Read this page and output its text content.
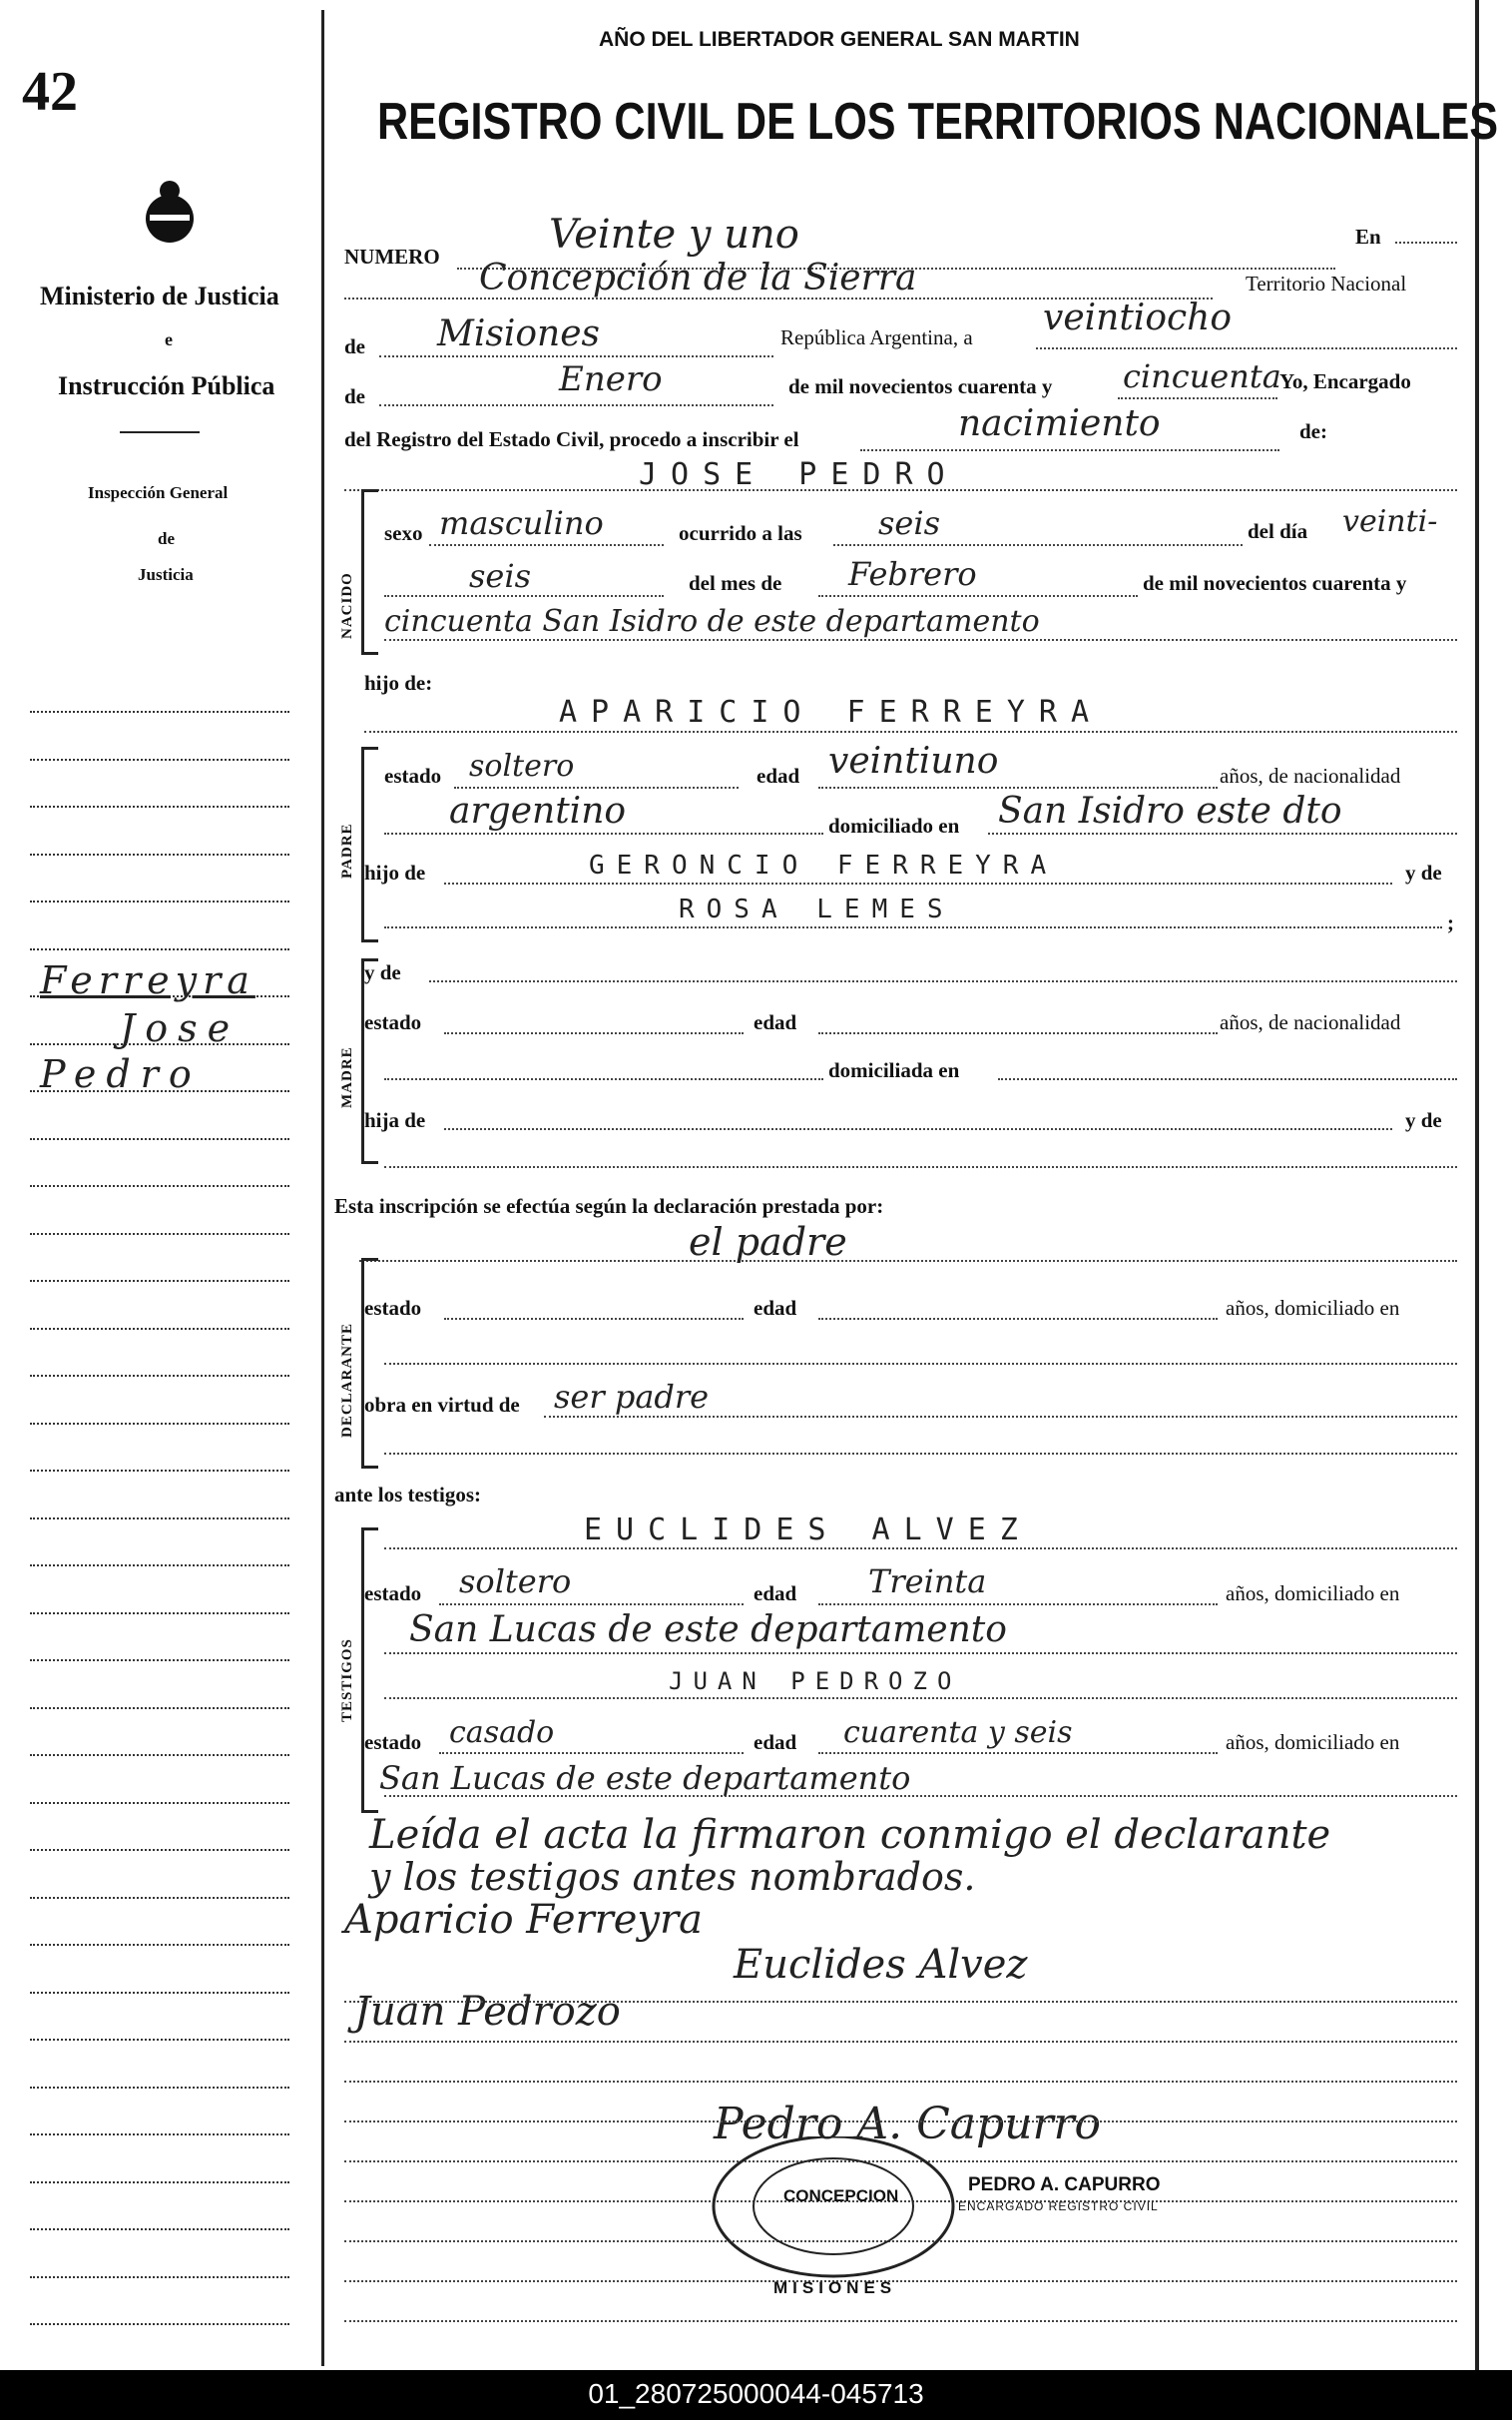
42
AÑO DEL LIBERTADOR GENERAL SAN MARTIN
REGISTRO CIVIL DE LOS TERRITORIOS NACIONALES
Ministerio de Justicia
e
Instrucción Pública
Inspección General
de
Justicia
Ferreyra
Jose
Pedro
NUMERO	Veinte y uno	En
Concepción de la Sierra	Territorio Nacional
de Misiones	República Argentina, a veintiocho
de	Enero	de mil novecientos cuarenta y cincuenta
Yo, Encargado
del Registro del Estado Civil, procedo a inscribir el	nacimiento	de:
JOSE PEDRO
NACIDO
sexo masculino	ocurrido a las seis	del día veinti-
seis	del mes de Febrero	de mil novecientos cuarenta y
cincuenta San Isidro de este departamento
hijo de:
APARICIO FERREYRA
PADRE
estado soltero	edad veintiuno	años, de nacionalidad
argentino	domiciliado en San Isidro este dto
hijo de	GERONCIO FERREYRA	y de
ROSA LEMES	;
MADRE
y de
estado	edad	años, de nacionalidad
domiciliada en
hija de	y de
Esta inscripción se efectúa según la declaración prestada por:
el padre
DECLARANTE
estado	edad	años, domiciliado en
obra en virtud de ser padre
ante los testigos:
TESTIGOS
EUCLIDES ALVEZ
estado soltero	edad Treinta	años, domiciliado en
San Lucas de este departamento
JUAN PEDROZO
estado casado	edad cuarenta y seis	años, domiciliado en
San Lucas de este departamento
Leída el acta la firmaron conmigo el declarante
y los testigos antes nombrados.
Aparicio Ferreyra
Euclides Alvez
Juan Pedrozo
Pedro A. Capurro
CONCEPCION
MISIONES
PEDRO A. CAPURRO
ENCARGADO REGISTRO CIVIL
01_280725000044-045713
